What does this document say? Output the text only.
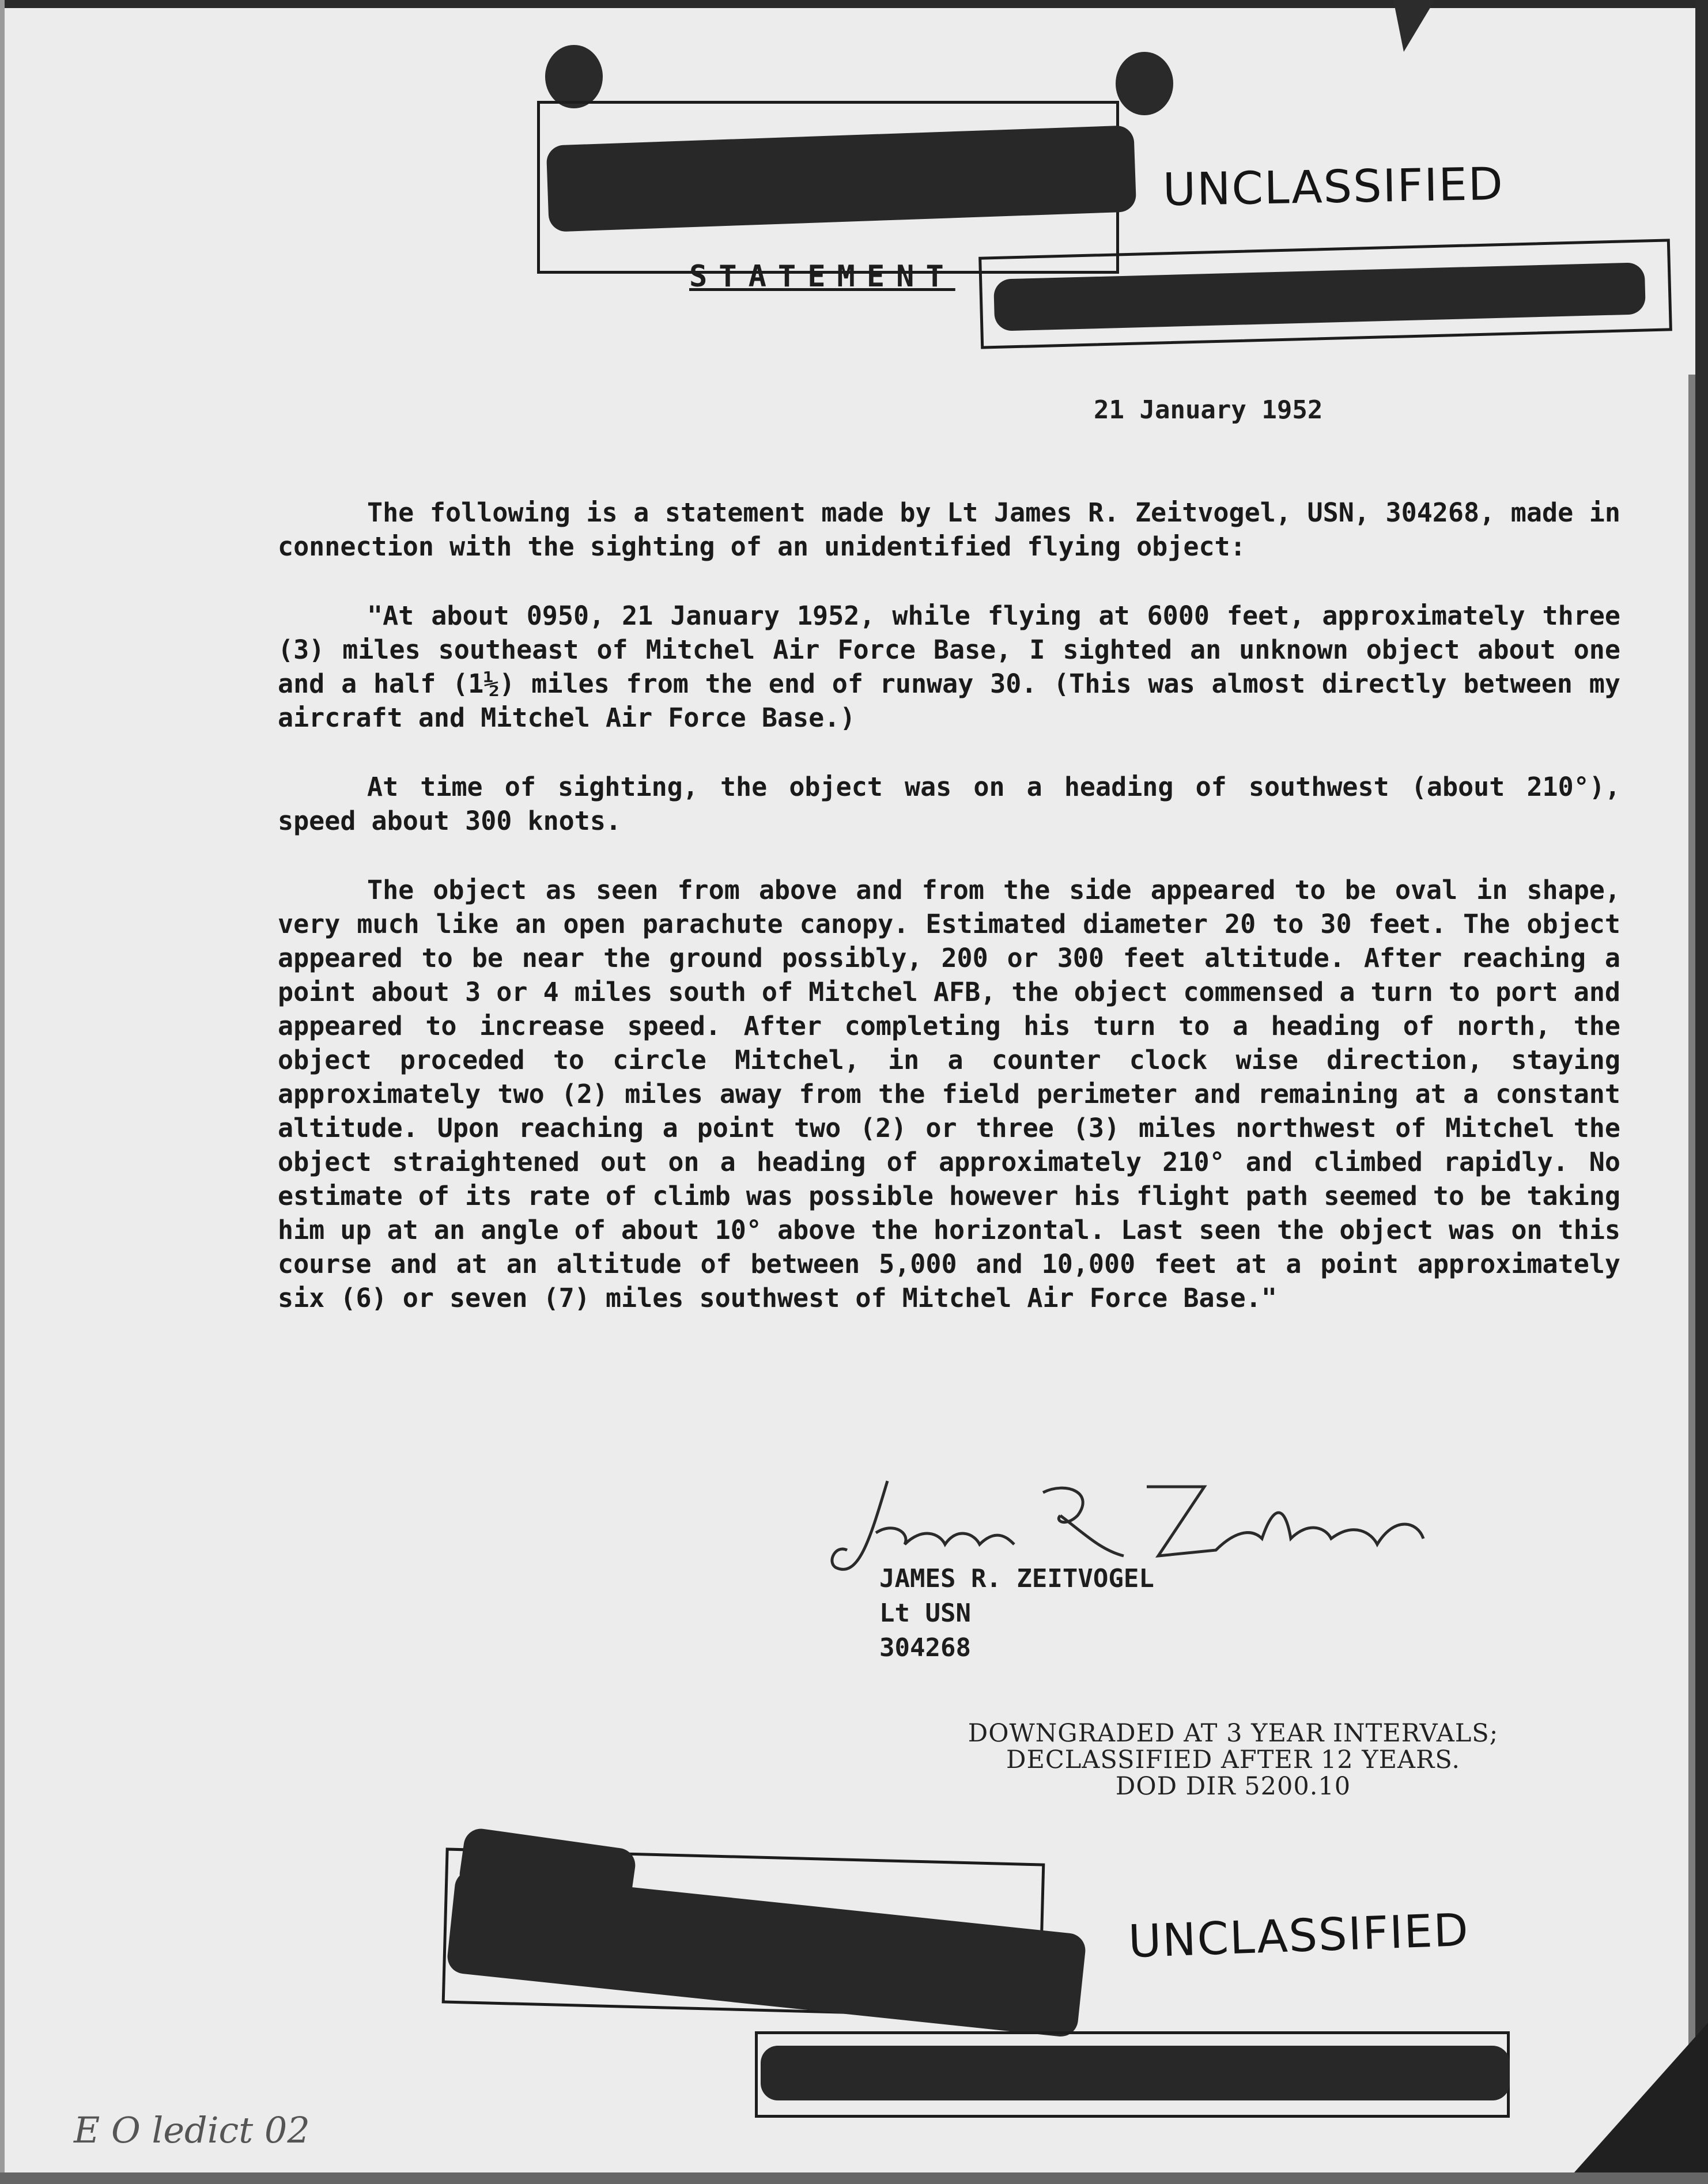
UNCLASSIFIED
STATEMENT
21 January 1952

The following is a statement made by Lt James R. Zeitvogel, USN, 304268, made in connection with the sighting of an unidentified flying object:

"At about 0950, 21 January 1952, while flying at 6000 feet, approximately three (3) miles southeast of Mitchel Air Force Base, I sighted an unknown object about one and a half (1½) miles from the end of runway 30. (This was almost directly between my aircraft and Mitchel Air Force Base.)

At time of sighting, the object was on a heading of southwest (about 210°), speed about 300 knots.

The object as seen from above and from the side appeared to be oval in shape, very much like an open parachute canopy. Estimated diameter 20 to 30 feet. The object appeared to be near the ground possibly, 200 or 300 feet altitude. After reaching a point about 3 or 4 miles south of Mitchel AFB, the object commensed a turn to port and appeared to increase speed. After completing his turn to a heading of north, the object proceded to circle Mitchel, in a counter clock wise direction, staying approximately two (2) miles away from the field perimeter and remaining at a constant altitude. Upon reaching a point two (2) or three (3) miles northwest of Mitchel the object straightened out on a heading of approximately 210° and climbed rapidly. No estimate of its rate of climb was possible however his flight path seemed to be taking him up at an angle of about 10° above the horizontal. Last seen the object was on this course and at an altitude of between 5,000 and 10,000 feet at a point approximately six (6) or seven (7) miles southwest of Mitchel Air Force Base."

JAMES R. ZEITVOGEL
Lt USN
304268
DOWNGRADED AT 3 YEAR INTERVALS;
DECLASSIFIED AFTER 12 YEARS.
DOD DIR 5200.10
UNCLASSIFIED
E O ledict 02
